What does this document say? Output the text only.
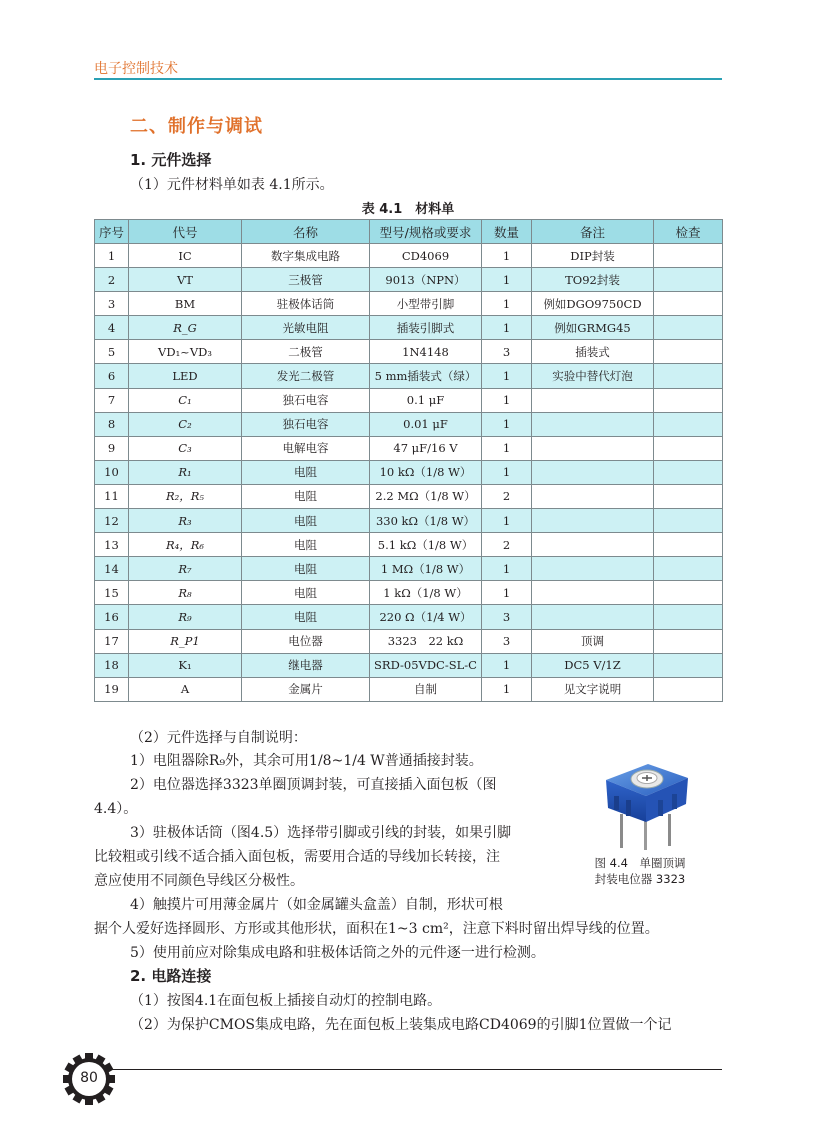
电子控制技术
二、制作与调试
1. 元件选择
（1）元件材料单如表 4.1所示。
表 4.1　材料单
序号	代号	名称	型号/规格或要求	数量	备注	检查
1	IC	数字集成电路	CD4069	1	DIP封装	
2	VT	三极管	9013（NPN）	1	TO92封装	
3	BM	驻极体话筒	小型带引脚	1	例如DGO9750CD	
4	R_G	光敏电阻	插装引脚式	1	例如GRMG45	
5	VD₁~VD₃	二极管	1N4148	3	插装式	
6	LED	发光二极管	5 mm插装式（绿）	1	实验中替代灯泡	
7	C₁	独石电容	0.1 μF	1		
8	C₂	独石电容	0.01 μF	1		
9	C₃	电解电容	47 μF/16 V	1		
10	R₁	电阻	10 kΩ（1/8 W）	1		
11	R₂，R₅	电阻	2.2 MΩ（1/8 W）	2		
12	R₃	电阻	330 kΩ（1/8 W）	1		
13	R₄，R₆	电阻	5.1 kΩ（1/8 W）	2		
14	R₇	电阻	1 MΩ（1/8 W）	1		
15	R₈	电阻	1 kΩ（1/8 W）	1		
16	R₉	电阻	220 Ω（1/4 W）	3		
17	R_P1	电位器	3323　22 kΩ	3	顶调	
18	K₁	继电器	SRD-05VDC-SL-C	1	DC5 V/1Z	
19	A	金属片	自制	1	见文字说明	
（2）元件选择与自制说明：
1）电阻器除R₉外，其余可用1/8~1/4 W普通插接封装。
2）电位器选择3323单圈顶调封装，可直接插入面包板（图
4.4）。
3）驻极体话筒（图4.5）选择带引脚或引线的封装，如果引脚
比较粗或引线不适合插入面包板，需要用合适的导线加长转接，注
意应使用不同颜色导线区分极性。
4）触摸片可用薄金属片（如金属罐头盒盖）自制，形状可根
据个人爱好选择圆形、方形或其他形状，面积在1~3 cm²，注意下料时留出焊导线的位置。
5）使用前应对除集成电路和驻极体话筒之外的元件逐一进行检测。
2. 电路连接
（1）按图4.1在面包板上插接自动灯的控制电路。
（2）为保护CMOS集成电路，先在面包板上装集成电路CD4069的引脚1位置做一个记
图 4.4　单圈顶调
封装电位器 3323
80
